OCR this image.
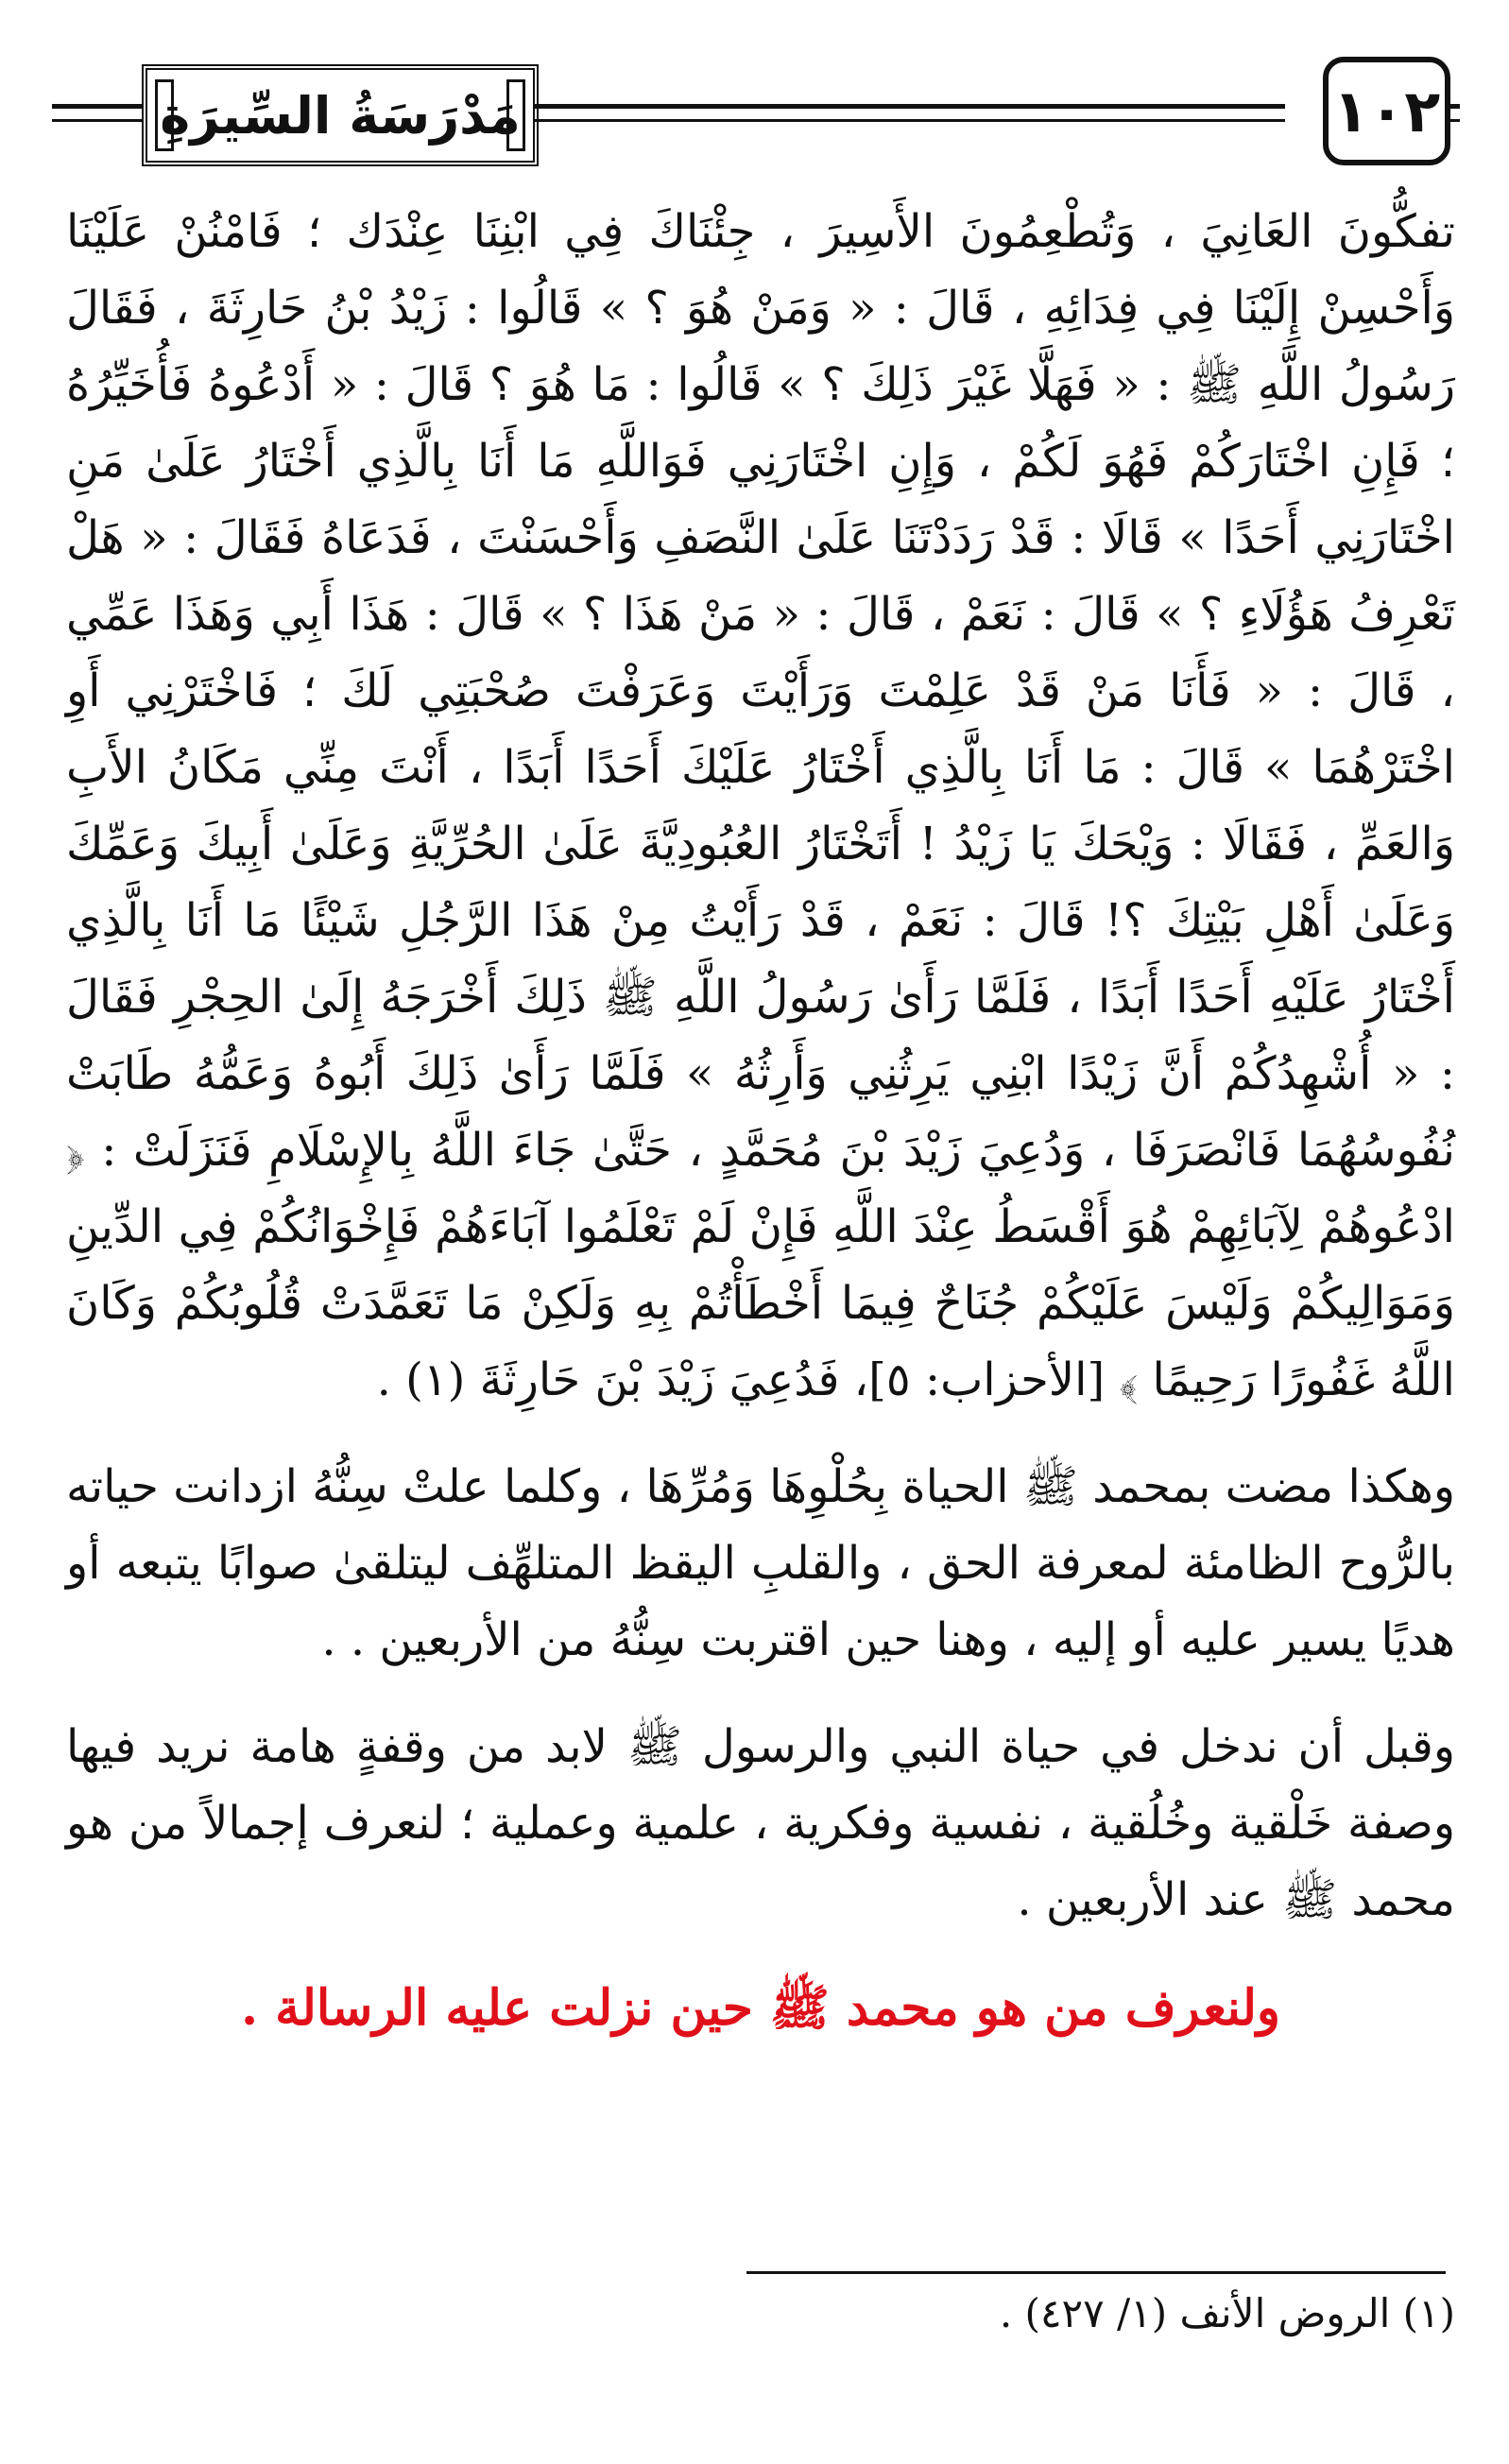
مَدْرَسَةُ السِّيرَةِ	١٠٢

تفكُّونَ العَانِيَ ، وَتُطْعِمُونَ الأَسِيرَ ، جِئْنَاكَ فِي ابْنِنَا عِنْدَك ؛ فَامْنُنْ عَلَيْنَا وَأَحْسِنْ إِلَيْنَا فِي فِدَائِهِ ، قَالَ : « وَمَنْ هُوَ ؟ » قَالُوا : زَيْدُ بْنُ حَارِثَةَ ، فَقَالَ رَسُولُ اللَّهِ ﷺ : « فَهَلَّا غَيْرَ ذَلِكَ ؟ » قَالُوا : مَا هُوَ ؟ قَالَ : « أَدْعُوهُ فَأُخَيِّرُهُ ؛ فَإِنِ اخْتَارَكُمْ فَهُوَ لَكُمْ ، وَإِنِ اخْتَارَنِي فَوَاللَّهِ مَا أَنَا بِالَّذِي أَخْتَارُ عَلَىٰ مَنِ اخْتَارَنِي أَحَدًا » قَالَا : قَدْ رَدَدْتَنَا عَلَىٰ النَّصَفِ وَأَحْسَنْتَ ، فَدَعَاهُ فَقَالَ : « هَلْ تَعْرِفُ هَؤُلَاءِ ؟ » قَالَ : نَعَمْ ، قَالَ : « مَنْ هَذَا ؟ » قَالَ : هَذَا أَبِي وَهَذَا عَمِّي ، قَالَ : « فَأَنَا مَنْ قَدْ عَلِمْتَ وَرَأَيْتَ وَعَرَفْتَ صُحْبَتِي لَكَ ؛ فَاخْتَرْنِي أَوِ اخْتَرْهُمَا » قَالَ : مَا أَنَا بِالَّذِي أَخْتَارُ عَلَيْكَ أَحَدًا أَبَدًا ، أَنْتَ مِنِّي مَكَانُ الأَبِ وَالعَمِّ ، فَقَالَا : وَيْحَكَ يَا زَيْدُ ! أَتَخْتَارُ العُبُودِيَّةَ عَلَىٰ الحُرِّيَّةِ وَعَلَىٰ أَبِيكَ وَعَمِّكَ وَعَلَىٰ أَهْلِ بَيْتِكَ ؟! قَالَ : نَعَمْ ، قَدْ رَأَيْتُ مِنْ هَذَا الرَّجُلِ شَيْئًا مَا أَنَا بِالَّذِي أَخْتَارُ عَلَيْهِ أَحَدًا أَبَدًا ، فَلَمَّا رَأَىٰ رَسُولُ اللَّهِ ﷺ ذَلِكَ أَخْرَجَهُ إِلَىٰ الحِجْرِ فَقَالَ : « أُشْهِدُكُمْ أَنَّ زَيْدًا ابْنِي يَرِثُنِي وَأَرِثُهُ » فَلَمَّا رَأَىٰ ذَلِكَ أَبُوهُ وَعَمُّهُ طَابَتْ نُفُوسُهُمَا فَانْصَرَفَا ، وَدُعِيَ زَيْدَ بْنَ مُحَمَّدٍ ، حَتَّىٰ جَاءَ اللَّهُ بِالإِسْلَامِ فَنَزَلَتْ : ﴿ ادْعُوهُمْ لِآبَائِهِمْ هُوَ أَقْسَطُ عِنْدَ اللَّهِ فَإِنْ لَمْ تَعْلَمُوا آبَاءَهُمْ فَإِخْوَانُكُمْ فِي الدِّينِ وَمَوَالِيكُمْ وَلَيْسَ عَلَيْكُمْ جُنَاحٌ فِيمَا أَخْطَأْتُمْ بِهِ وَلَكِنْ مَا تَعَمَّدَتْ قُلُوبُكُمْ وَكَانَ اللَّهُ غَفُورًا رَحِيمًا ﴾ [الأحزاب: ٥]، فَدُعِيَ زَيْدَ بْنَ حَارِثَةَ (١) .

وهكذا مضت بمحمد ﷺ الحياة بِحُلْوِهَا وَمُرِّهَا ، وكلما علتْ سِنُّهُ ازدانت حياته بالرُّوح الظامئة لمعرفة الحق ، والقلبِ اليقظ المتلهِّف ليتلقىٰ صوابًا يتبعه أو هديًا يسير عليه أو إليه ، وهنا حين اقتربت سِنُّهُ من الأربعين . .

وقبل أن ندخل في حياة النبي والرسول ﷺ لابد من وقفةٍ هامة نريد فيها وصفة خَلْقية وخُلُقية ، نفسية وفكرية ، علمية وعملية ؛ لنعرف إجمالاً من هو محمد ﷺ عند الأربعين .

ولنعرف من هو محمد ﷺ حين نزلت عليه الرسالة .
(١) الروض الأنف (١/ ٤٢٧) .
